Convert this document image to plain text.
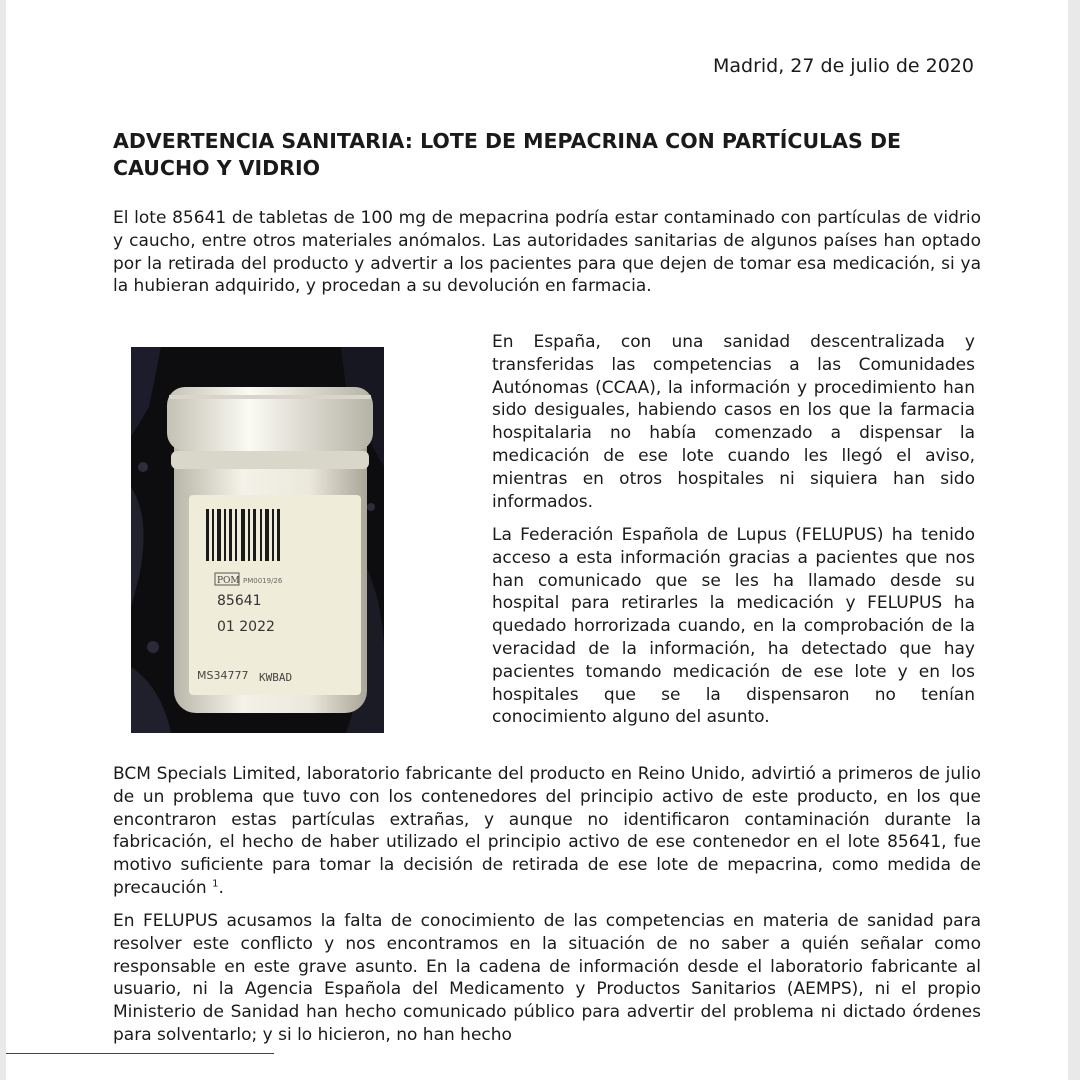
Madrid, 27 de julio de 2020
ADVERTENCIA SANITARIA: LOTE DE MEPACRINA CON PARTÍCULAS DE CAUCHO Y VIDRIO

El lote 85641 de tabletas de 100 mg de mepacrina podría estar contaminado con partículas de vidrio y caucho, entre otros materiales anómalos. Las autoridades sanitarias de algunos países han optado por la retirada del producto y advertir a los pacientes para que dejen de tomar esa medicación, si ya la hubieran adquirido, y procedan a su devolución en farmacia.

POM PM0019/26
85641
01 2022
MS34777 KWBAD

En España, con una sanidad descentralizada y transferidas las competencias a las Comunidades Autónomas (CCAA), la información y procedimiento han sido desiguales, habiendo casos en los que la farmacia hospitalaria no había comenzado a dispensar la medicación de ese lote cuando les llegó el aviso, mientras en otros hospitales ni siquiera han sido informados.

La Federación Española de Lupus (FELUPUS) ha tenido acceso a esta información gracias a pacientes que nos han comunicado que se les ha llamado desde su hospital para retirarles la medicación y FELUPUS ha quedado horrorizada cuando, en la comprobación de la veracidad de la información, ha detectado que hay pacientes tomando medicación de ese lote y en los hospitales que se la dispensaron no tenían conocimiento alguno del asunto.

BCM Specials Limited, laboratorio fabricante del producto en Reino Unido, advirtió a primeros de julio de un problema que tuvo con los contenedores del principio activo de este producto, en los que encontraron estas partículas extrañas, y aunque no identificaron contaminación durante la fabricación, el hecho de haber utilizado el principio activo de ese contenedor en el lote 85641, fue motivo suficiente para tomar la decisión de retirada de ese lote de mepacrina, como medida de precaución $^1$.

En FELUPUS acusamos la falta de conocimiento de las competencias en materia de sanidad para resolver este conflicto y nos encontramos en la situación de no saber a quién señalar como responsable en este grave asunto. En la cadena de información desde el laboratorio fabricante al usuario, ni la Agencia Española del Medicamento y Productos Sanitarios (AEMPS), ni el propio Ministerio de Sanidad han hecho comunicado público para advertir del problema ni dictado órdenes para solventarlo; y si lo hicieron, no han hecho
